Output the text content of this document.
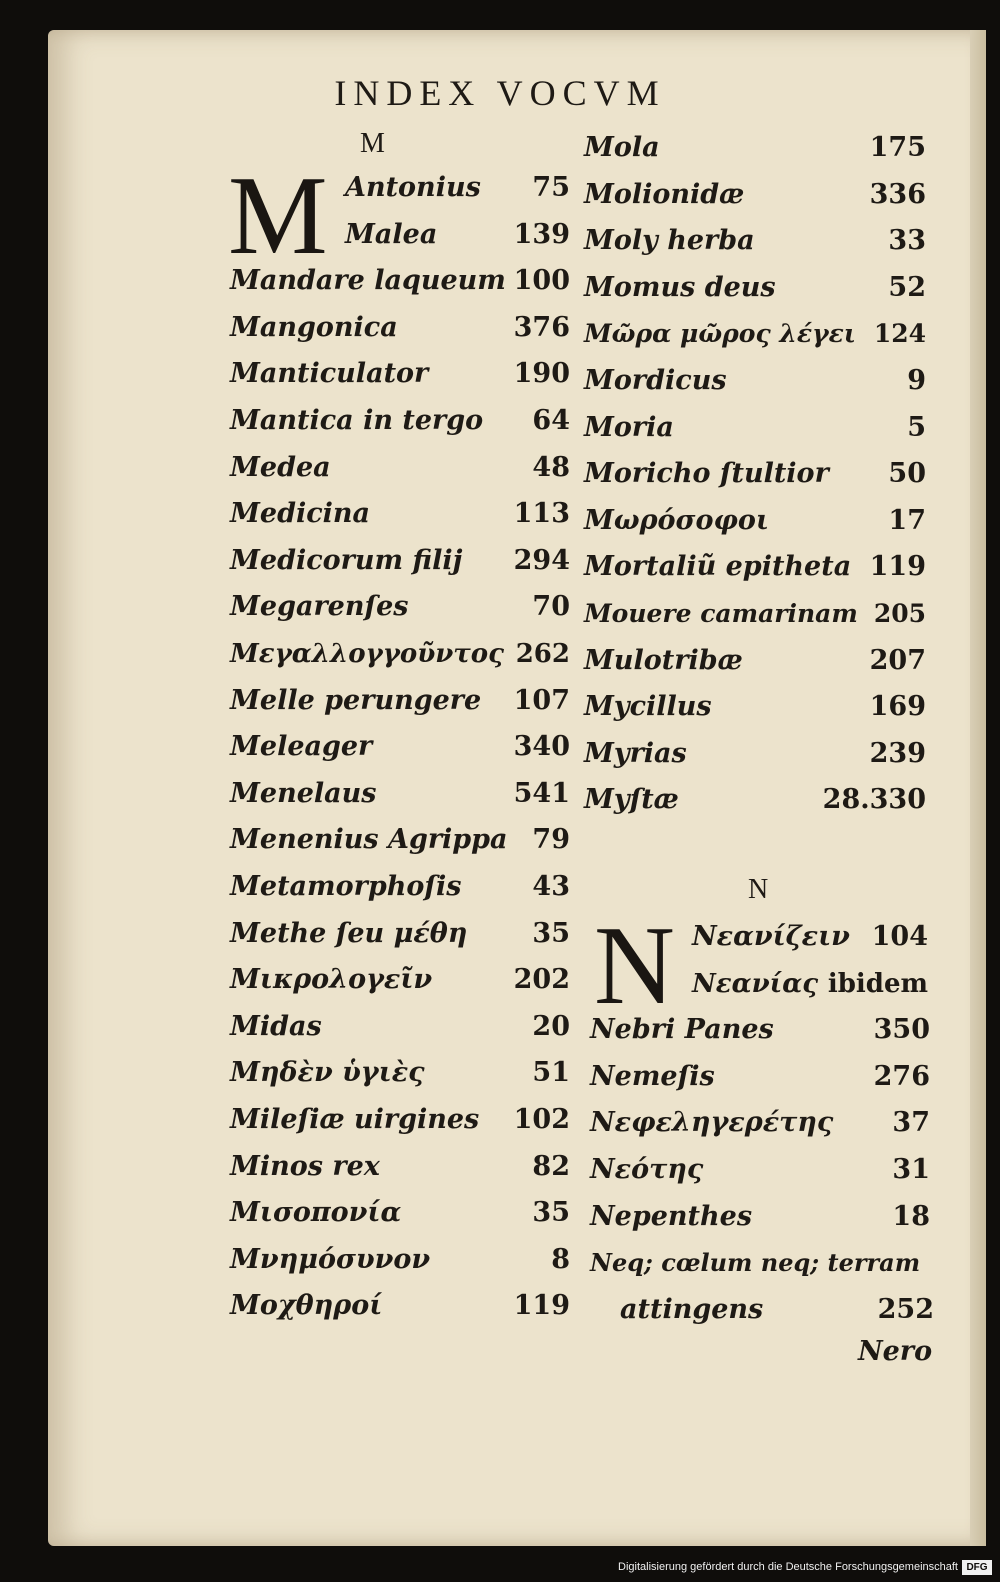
INDEX VOCVM
M
M Antonius 75
Malea	139
Mandare laqueum 100
Mangonica	376
Manticulator	190
Mantica in tergo 64
Medea	48
Medicina	113
Medicorum filij 294
Megarenſes	70
Μεγαλλογγοῦντος 262
Melle perungere 107
Meleager	340
Menelaus	541
Menenius Agrippa 79
Metamorphoſis	43
Methe ſeu μέθη 35
Μικρολογεῖν	202
Midas	20
Μηδὲν ὑγιὲς	51
Mileſiæ uirgines 102
Minos rex	82
Μισοπονία	35
Μνημόσυνον	8
Μοχθηροί	119
Mola	175
Molionidæ	336
Moly herba	33
Momus deus	52
Μῶρα μῶρος λέγει 124
Mordicus	9
Moria	5
Moricho ſtultior 50
Μωρόσοφοι	17
Mortaliũ epitheta 119
Mouere camarinam 205
Mulotribæ	207
Mycillus	169
Myrias	239
Myſtæ	28.330
N
N Νεανίζειν 104
Νεανίας ibidem
Nebri Panes	350
Nemeſis	276
Νεφεληγερέτης 37
Νεότης	31
Nepenthes	18
Neq; cœlum neq; terram
attingens	252
Nero
Digitalisierung gefördert durch die Deutsche Forschungsgemeinschaft DFG
